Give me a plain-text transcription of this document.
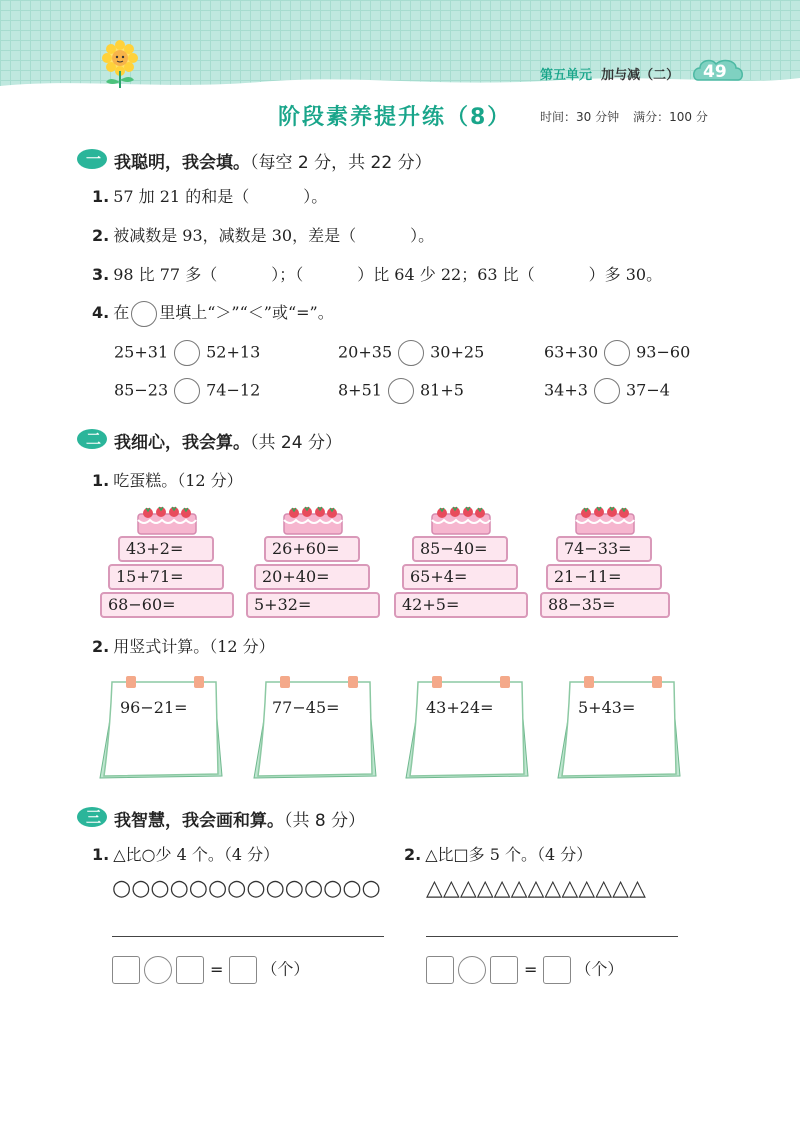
第五单元 加与减（二） 49
阶段素养提升练（8） 时间：30 分钟 满分：100 分
一 我聪明，我会填。（每空 2 分，共 22 分）
1. 57 加 21 的和是（	）。
2. 被减数是 93，减数是 30，差是（	）。
3. 98 比 77 多（	）；（	）比 64 少 22；63 比（	）多 30。
4. 在 里填上“＞”“＜”或“=”。
25+31 52+13	20+35 30+25	63+30 93−60
85−23 74−12	8+51 81+5	34+3 37−4
二 我细心，我会算。（共 24 分）
1. 吃蛋糕。（12 分）
43+2=
15+71=
68−60=
26+60=
20+40=
5+32=
85−40=
65+4=
42+5=
74−33=
21−11=
88−35=
2. 用竖式计算。（12 分）
96−21=	77−45=	43+24=	5+43=
三 我智慧，我会画和算。（共 8 分）
1. △比○少 4 个。（4 分）	2. △比□多 5 个。（4 分）
○○○○○○○○○○○○○○ △△△△△△△△△△△△△
= （个）	= （个）
